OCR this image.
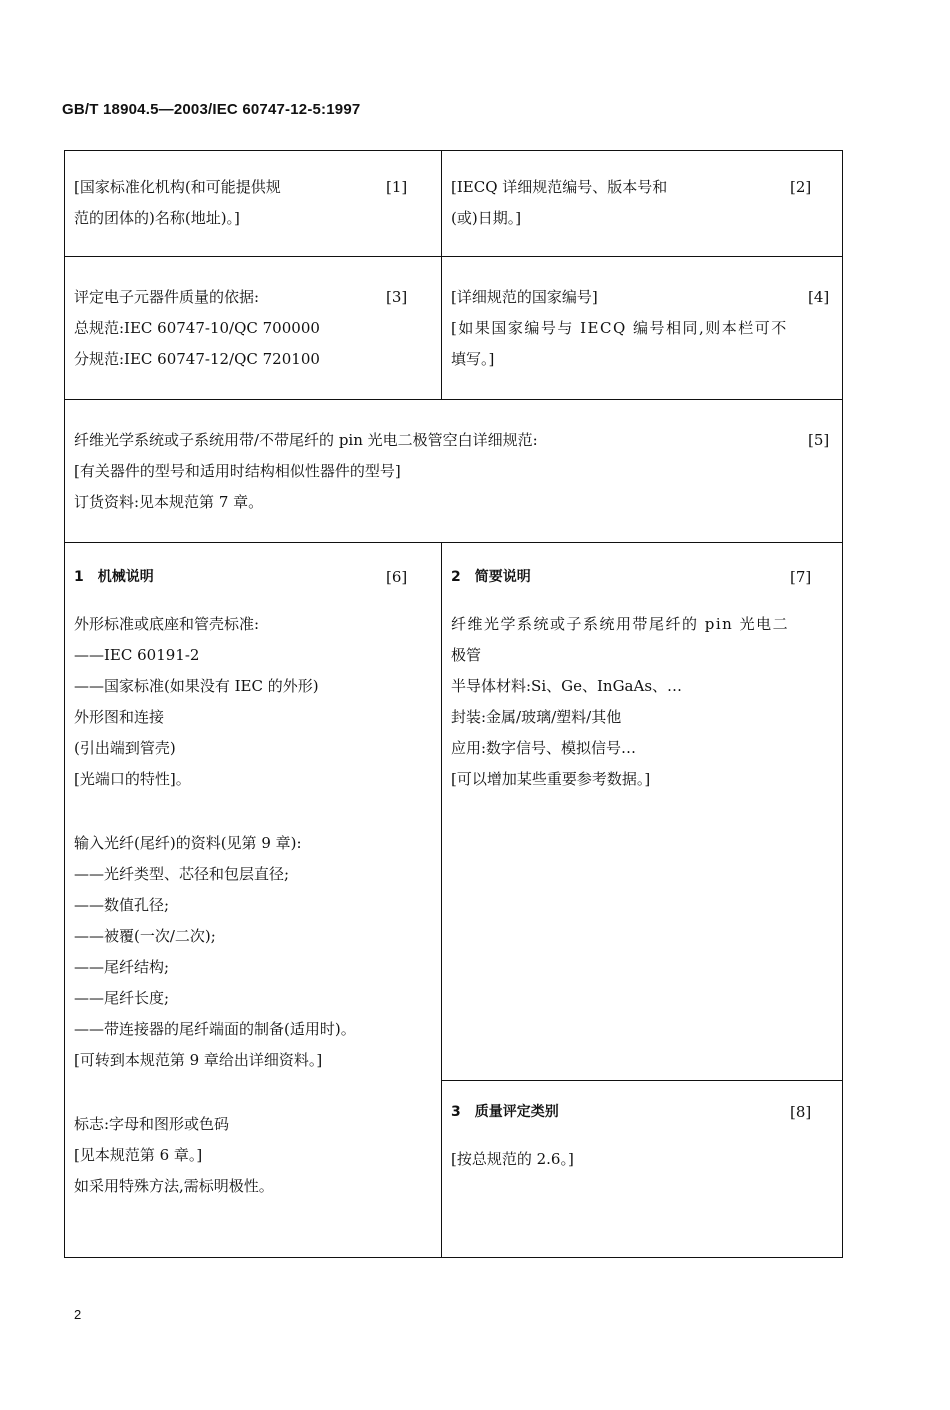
GB/T 18904.5—2003/IEC 60747-12-5:1997
[国家标准化机构(和可能提供规
范的团体的)名称(地址)。]
[1]	[IECQ 详细规范编号、版本号和
(或)日期。]
[2]
评定电子元器件质量的依据:
总规范:IEC 60747-10/QC 700000
分规范:IEC 60747-12/QC 720100
[3]	[详细规范的国家编号]
[如果国家编号与 IECQ 编号相同,则本栏可不
填写。]
[4]
纤维光学系统或子系统用带/不带尾纤的 pin 光电二极管空白详细规范:
[有关器件的型号和适用时结构相似性器件的型号]
订货资料:见本规范第 7 章。
[5]
1　机械说明	[6]
外形标准或底座和管壳标准:
——IEC 60191-2
——国家标准(如果没有 IEC 的外形)
外形图和连接
(引出端到管壳)
[光端口的特性]。
输入光纤(尾纤)的资料(见第 9 章):
——光纤类型、芯径和包层直径;
——数值孔径;
——被覆(一次/二次);
——尾纤结构;
——尾纤长度;
——带连接器的尾纤端面的制备(适用时)。
[可转到本规范第 9 章给出详细资料。]
标志:字母和图形或色码
[见本规范第 6 章。]
如采用特殊方法,需标明极性。
2　简要说明	[7]
纤维光学系统或子系统用带尾纤的 pin 光电二
极管
半导体材料:Si、Ge、InGaAs、…
封装:金属/玻璃/塑料/其他
应用:数字信号、模拟信号…
[可以增加某些重要参考数据。]
3　质量评定类别	[8]
[按总规范的 2.6。]
2
